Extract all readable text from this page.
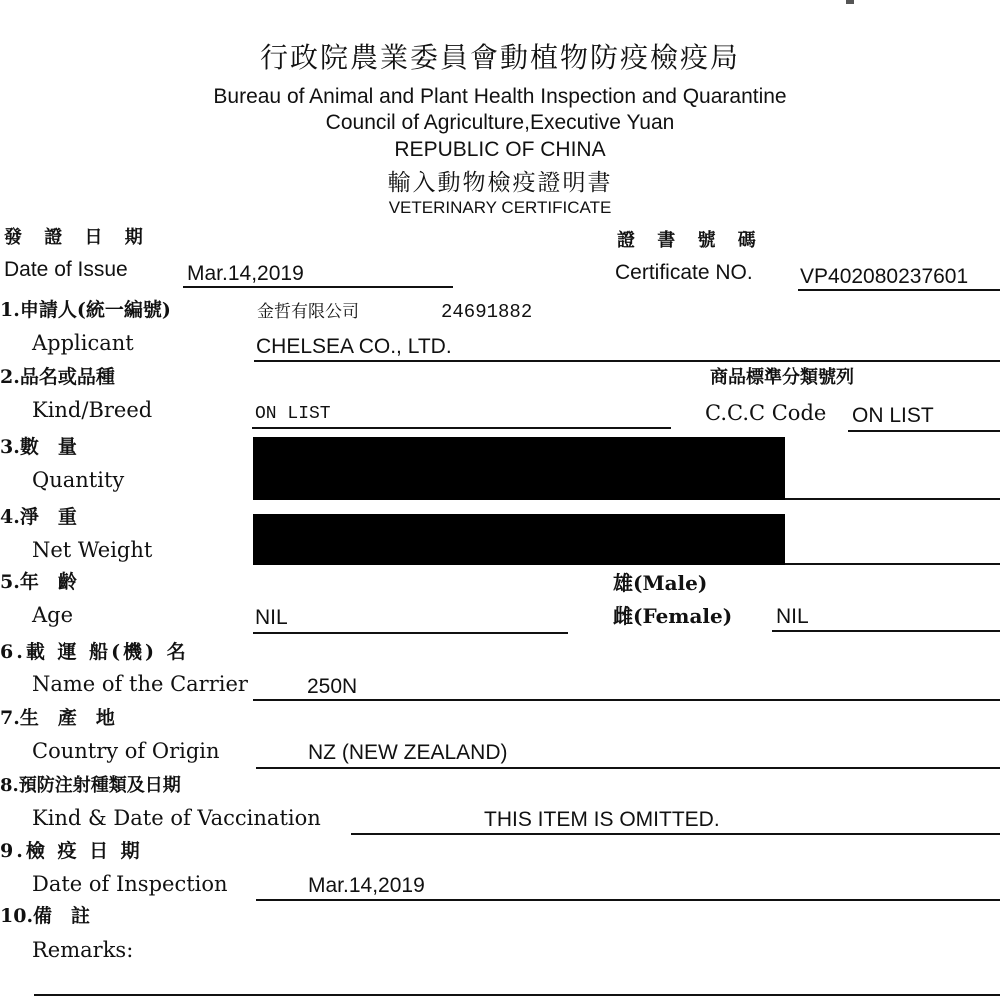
行政院農業委員會動植物防疫檢疫局
Bureau of Animal and Plant Health Inspection and Quarantine
Council of Agriculture,Executive Yuan
REPUBLIC OF CHINA
輸入動物檢疫證明書
VETERINARY CERTIFICATE
發 證 日 期
Date of Issue	Mar.14,2019
證 書 號 碼
Certificate NO. VP402080237601
1.申請人(統一編號)	金哲有限公司	24691882
Applicant	CHELSEA CO., LTD.
2.品名或品種
Kind/Breed	ON LIST
商品標準分類號列
C.C.C Code ON LIST
3.數　量
Quantity
4.淨　重
Net Weight
5.年　齡
Age	NIL
雄(Male)
雌(Female) NIL
6.載 運 船(機) 名
Name of the Carrier	250N
7.生　產　地
Country of Origin	NZ (NEW ZEALAND)
8.預防注射種類及日期
Kind & Date of Vaccination	THIS ITEM IS OMITTED.
9.檢 疫 日 期
Date of Inspection	Mar.14,2019
10.備　註
Remarks:
